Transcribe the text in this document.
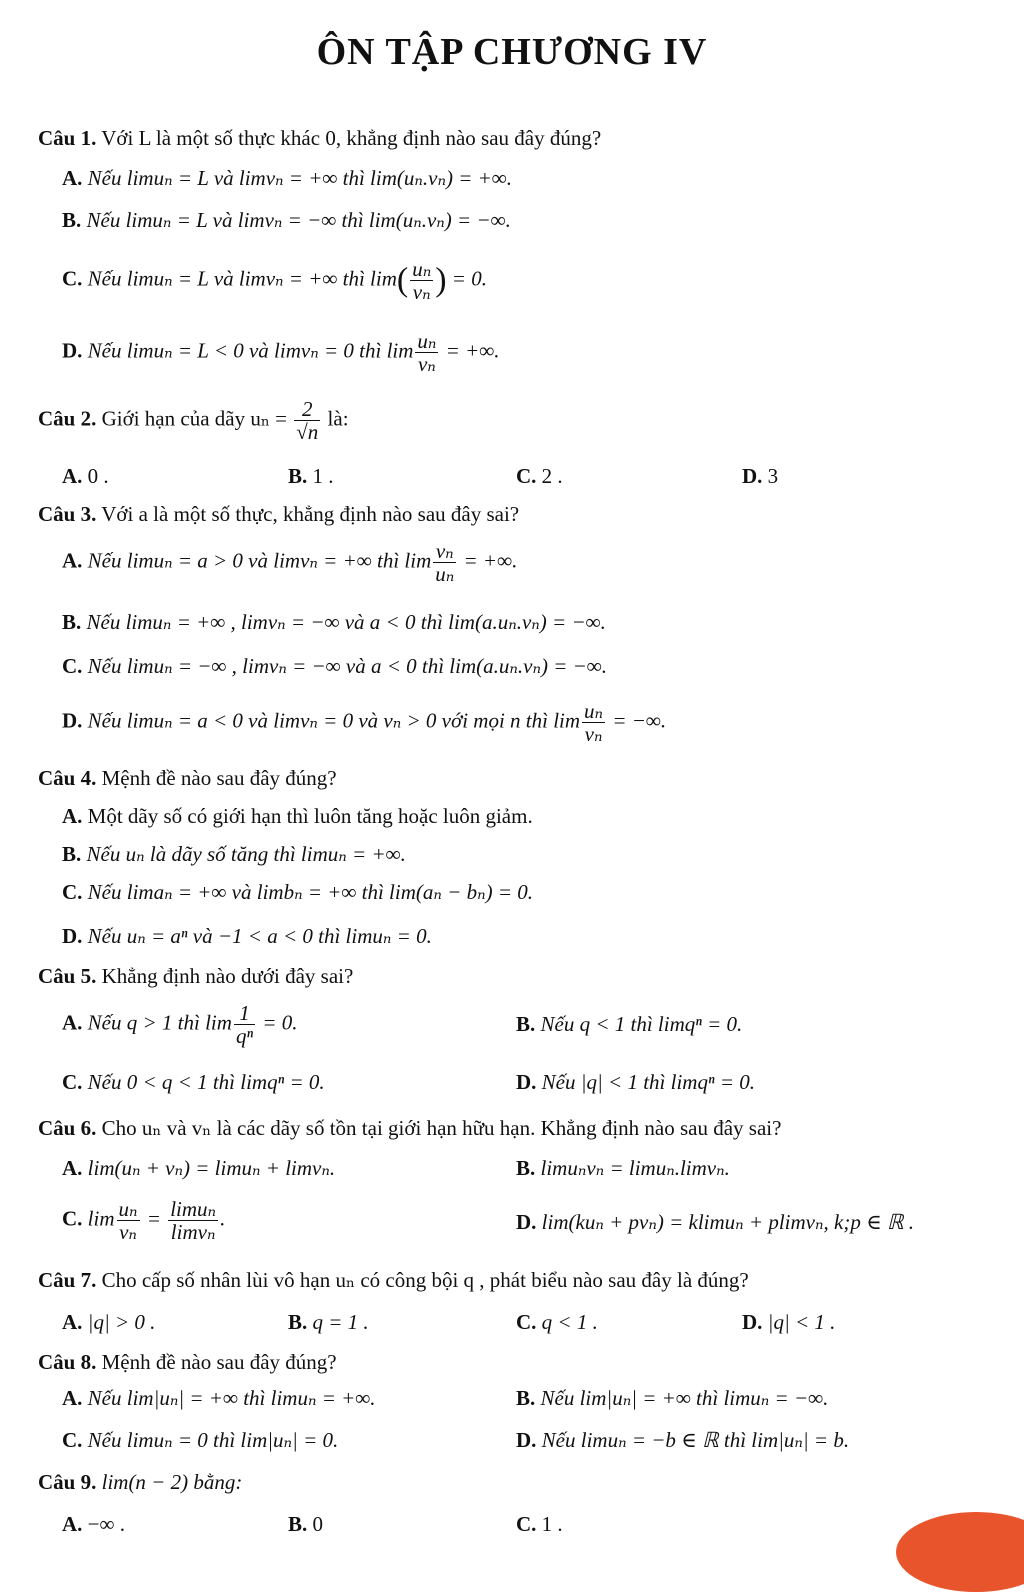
ÔN TẬP CHƯƠNG IV
Câu 1. Với L là một số thực khác 0, khẳng định nào sau đây đúng?
A. Nếu limuₙ = L và limvₙ = +∞ thì lim(uₙ.vₙ) = +∞.
B. Nếu limuₙ = L và limvₙ = −∞ thì lim(uₙ.vₙ) = −∞.
C. Nếu limuₙ = L và limvₙ = +∞ thì $\lim( \frac{\text{uₙ}}{\text{vₙ}}$ ) = 0.
D. Nếu limuₙ = L < 0 và limvₙ = 0 thì $\lim \frac{\text{uₙ}}{\text{vₙ}}$ = +∞.
Câu 2. Giới hạn của dãy $u_n = \frac{2}{√n}$ là:
A. 0 .	B. 1 .	C. 2 .	D. 3
Câu 3. Với a là một số thực, khẳng định nào sau đây sai?
A. Nếu limuₙ = a > 0 và limvₙ = +∞ thì $\lim \frac{\text{vₙ}}{\text{uₙ}}$ = +∞.
B. Nếu limuₙ = +∞ , limvₙ = −∞ và a < 0 thì lim(a.uₙ.vₙ) = −∞.
C. Nếu limuₙ = −∞ , limvₙ = −∞ và a < 0 thì lim(a.uₙ.vₙ) = −∞.
D. Nếu limuₙ = a < 0 và limvₙ = 0 và vₙ > 0 với mọi n thì $\lim \frac{\text{uₙ}}{\text{vₙ}}$ = −∞.
Câu 4. Mệnh đề nào sau đây đúng?
A. Một dãy số có giới hạn thì luôn tăng hoặc luôn giảm.
B. Nếu uₙ là dãy số tăng thì limuₙ = +∞.
C. Nếu limaₙ = +∞ và limbₙ = +∞ thì lim(aₙ − bₙ) = 0.
D. Nếu uₙ = aⁿ và −1 < a < 0 thì limuₙ = 0.
Câu 5. Khẳng định nào dưới đây sai?
A. Nếu q > 1 thì $\lim \frac{1}{\text{qⁿ}} = 0$.	B. Nếu q < 1 thì limqⁿ = 0.
C. Nếu 0 < q < 1 thì limqⁿ = 0.	D. Nếu |q| < 1 thì limqⁿ = 0.
Câu 6. Cho uₙ và vₙ là các dãy số tồn tại giới hạn hữu hạn. Khẳng định nào sau đây sai?
A. lim(uₙ + vₙ) = limuₙ + limvₙ.	B. limuₙvₙ = limuₙ.limvₙ.
C. $\lim \frac{\text{uₙ}}{\text{vₙ}} = \frac{\text{limuₙ}}{\text{limvₙ}}$ .	D. lim(kuₙ + pvₙ) = klimuₙ + plimvₙ, k;p ∈ ℝ .
Câu 7. Cho cấp số nhân lùi vô hạn uₙ có công bội q , phát biểu nào sau đây là đúng?
A. |q| > 0 .	B. q = 1 .	C. q < 1 .	D. |q| < 1 .
Câu 8. Mệnh đề nào sau đây đúng?
A. Nếu lim|uₙ| = +∞ thì limuₙ = +∞.	B. Nếu lim|uₙ| = +∞ thì limuₙ = −∞.
C. Nếu limuₙ = 0 thì lim|uₙ| = 0.	D. Nếu limuₙ = −b ∈ ℝ thì lim|uₙ| = b.
Câu 9. lim(n − 2) bằng:
A. −∞ .	B. 0	C. 1 .
